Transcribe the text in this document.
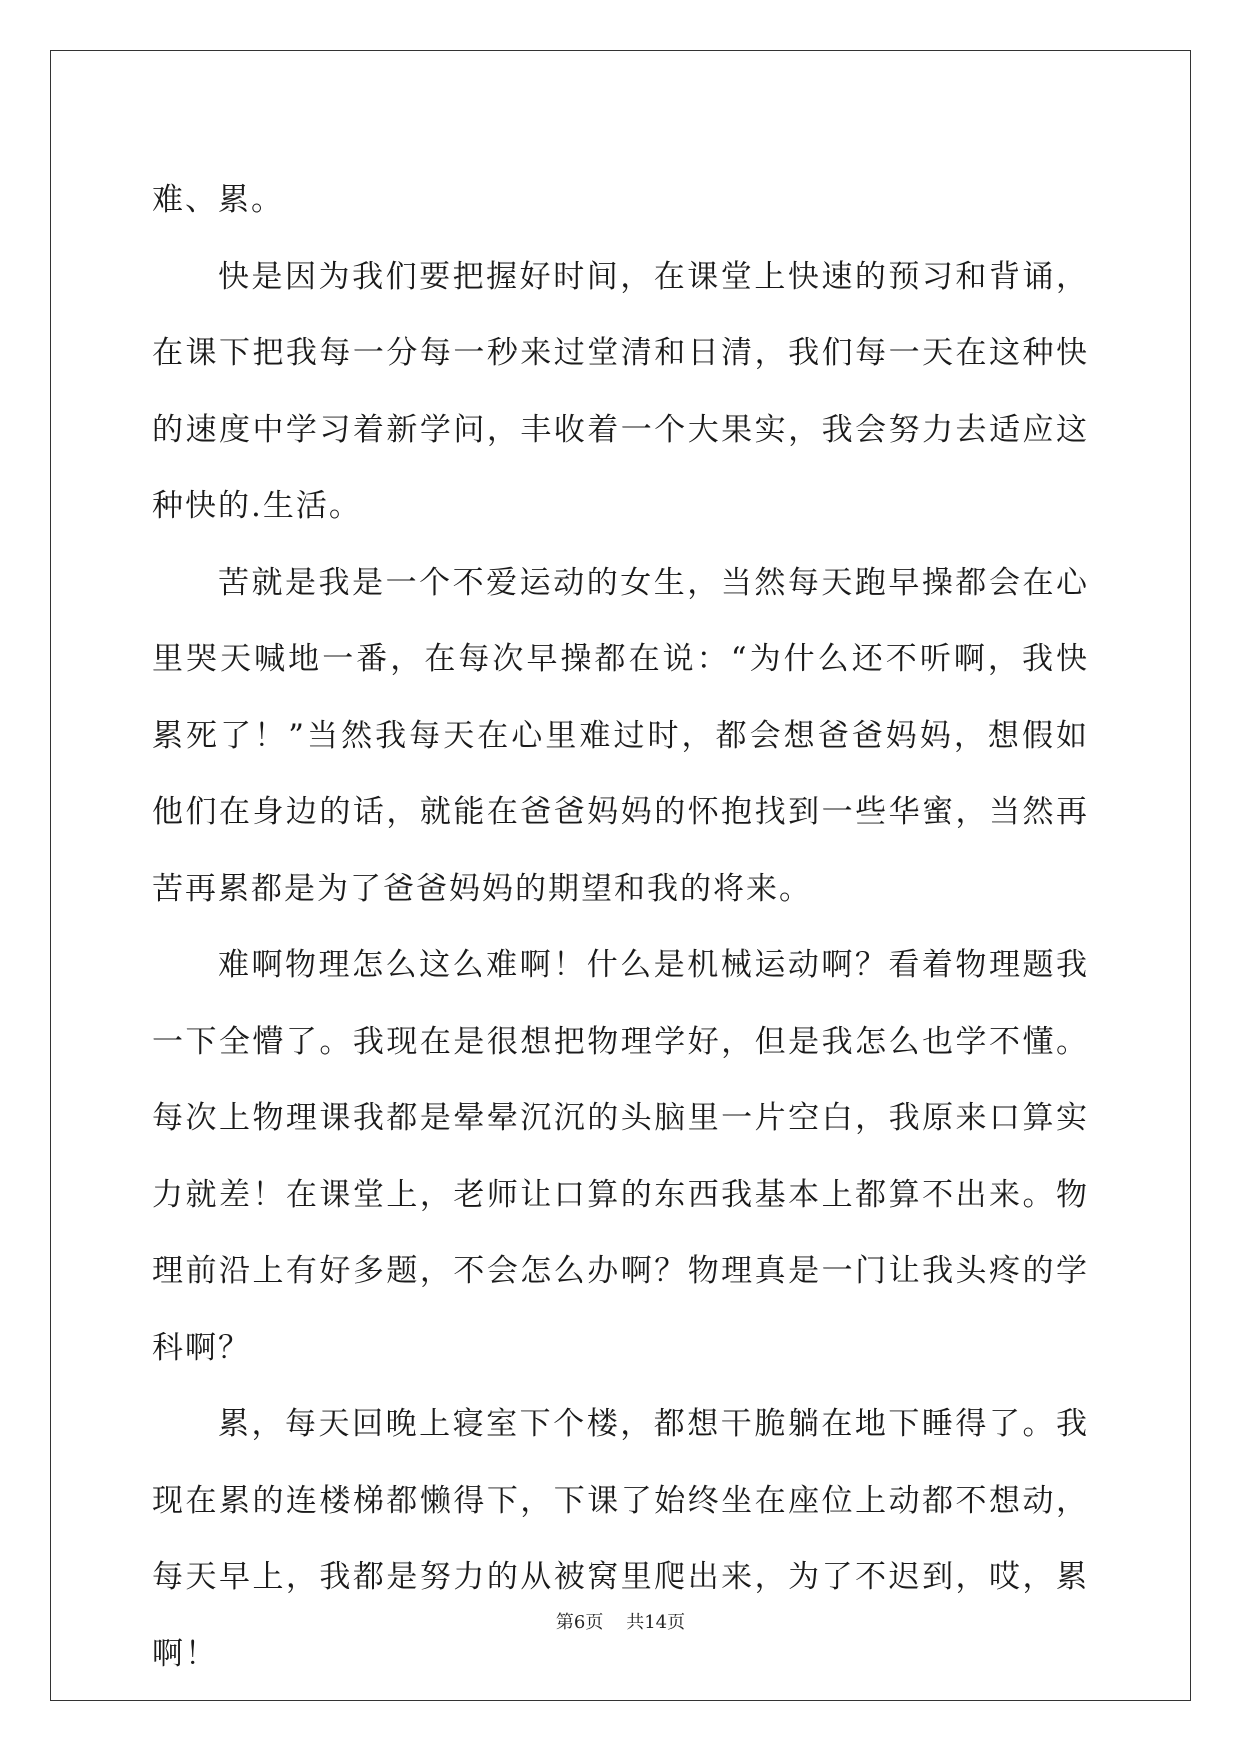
难、累。

快是因为我们要把握好时间，在课堂上快速的预习和背诵，在课下把我每一分每一秒来过堂清和日清，我们每一天在这种快的速度中学习着新学问，丰收着一个大果实，我会努力去适应这种快的.生活。

苦就是我是一个不爱运动的女生，当然每天跑早操都会在心里哭天喊地一番，在每次早操都在说：“为什么还不听啊，我快累死了！”当然我每天在心里难过时，都会想爸爸妈妈，想假如他们在身边的话，就能在爸爸妈妈的怀抱找到一些华蜜，当然再苦再累都是为了爸爸妈妈的期望和我的将来。

难啊物理怎么这么难啊！什么是机械运动啊？看着物理题我一下全懵了。我现在是很想把物理学好，但是我怎么也学不懂。每次上物理课我都是晕晕沉沉的头脑里一片空白，我原来口算实力就差！在课堂上，老师让口算的东西我基本上都算不出来。物理前沿上有好多题，不会怎么办啊？物理真是一门让我头疼的学科啊？

累，每天回晚上寝室下个楼，都想干脆躺在地下睡得了。我现在累的连楼梯都懒得下，下课了始终坐在座位上动都不想动，每天早上，我都是努力的从被窝里爬出来，为了不迟到，哎，累啊！

第6页 共14页
